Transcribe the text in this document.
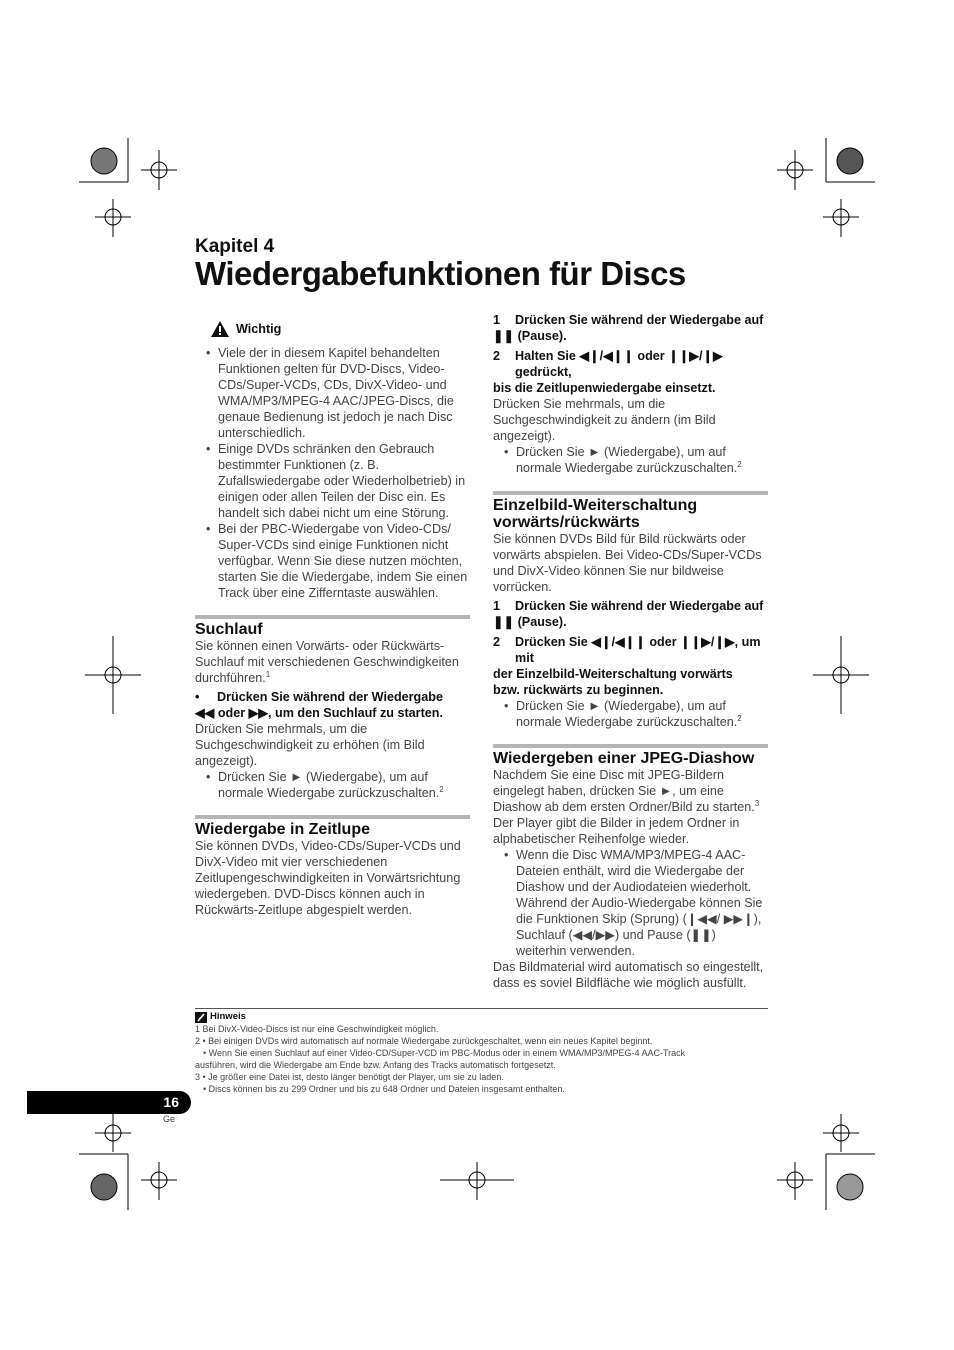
Kapitel 4
Wiedergabefunktionen für Discs
Wichtig
• Viele der in diesem Kapitel behandelten Funktionen gelten für DVD-Discs, Video-CDs/Super-VCDs, CDs, DivX-Video- und WMA/MP3/MPEG-4 AAC/JPEG-Discs, die genaue Bedienung ist jedoch je nach Disc unterschiedlich.
• Einige DVDs schränken den Gebrauch bestimmter Funktionen (z. B. Zufallswiedergabe oder Wiederholbetrieb) in einigen oder allen Teilen der Disc ein. Es handelt sich dabei nicht um eine Störung.
• Bei der PBC-Wiedergabe von Video-CDs/ Super-VCDs sind einige Funktionen nicht verfügbar. Wenn Sie diese nutzen möchten, starten Sie die Wiedergabe, indem Sie einen Track über eine Zifferntaste auswählen.
Suchlauf

Sie können einen Vorwärts- oder Rückwärts-Suchlauf mit verschiedenen Geschwindigkeiten durchführen.$^1$

•	Drücken Sie während der Wiedergabe
◀◀ oder ▶▶, um den Suchlauf zu starten.

Drücken Sie mehrmals, um die Suchgeschwindigkeit zu erhöhen (im Bild angezeigt).

• Drücken Sie ► (Wiedergabe), um auf normale Wiedergabe zurückzuschalten.$^2$
Wiedergabe in Zeitlupe

Sie können DVDs, Video-CDs/Super-VCDs und DivX-Video mit vier verschiedenen Zeitlupengeschwindigkeiten in Vorwärtsrichtung wiedergeben. DVD-Discs können auch in Rückwärts-Zeitlupe abgespielt werden.

1	Drücken Sie während der Wiedergabe auf
❚❚ (Pause).
2	Halten Sie ◀❙/◀❙❙ oder ❙❙▶/❙▶ gedrückt,
bis die Zeitlupenwiedergabe einsetzt.

Drücken Sie mehrmals, um die Suchgeschwindigkeit zu ändern (im Bild angezeigt).

• Drücken Sie ► (Wiedergabe), um auf normale Wiedergabe zurückzuschalten.$^2$
Einzelbild-Weiterschaltung
vorwärts/rückwärts

Sie können DVDs Bild für Bild rückwärts oder vorwärts abspielen. Bei Video-CDs/Super-VCDs und DivX-Video können Sie nur bildweise vorrücken.

1	Drücken Sie während der Wiedergabe auf
❚❚ (Pause).
2	Drücken Sie ◀❙/◀❙❙ oder ❙❙▶/❙▶, um mit
der Einzelbild-Weiterschaltung vorwärts
bzw. rückwärts zu beginnen.
• Drücken Sie ► (Wiedergabe), um auf normale Wiedergabe zurückzuschalten.$^2$
Wiedergeben einer JPEG-Diashow

Nachdem Sie eine Disc mit JPEG-Bildern eingelegt haben, drücken Sie ►, um eine Diashow ab dem ersten Ordner/Bild zu starten.$^3$ Der Player gibt die Bilder in jedem Ordner in alphabetischer Reihenfolge wieder.

• Wenn die Disc WMA/MP3/MPEG-4 AAC-Dateien enthält, wird die Wiedergabe der Diashow und der Audiodateien wiederholt. Während der Audio-Wiedergabe können Sie die Funktionen Skip (Sprung) (❙◀◀/ ▶▶❙), Suchlauf (◀◀/▶▶) und Pause (❚❚) weiterhin verwenden.

Das Bildmaterial wird automatisch so eingestellt, dass es soviel Bildfläche wie möglich ausfüllt.

Hinweis

1 Bei DivX-Video-Discs ist nur eine Geschwindigkeit möglich.

2 • Bei einigen DVDs wird automatisch auf normale Wiedergabe zurückgeschaltet, wenn ein neues Kapitel beginnt.

• Wenn Sie einen Suchlauf auf einer Video-CD/Super-VCD im PBC-Modus oder in einem WMA/MP3/MPEG-4 AAC-Track

ausführen, wird die Wiedergabe am Ende bzw. Anfang des Tracks automatisch fortgesetzt.

3 • Je größer eine Datei ist, desto länger benötigt der Player, um sie zu laden.

• Discs können bis zu 299 Ordner und bis zu 648 Ordner und Dateien insgesamt enthalten.

16
Ge
